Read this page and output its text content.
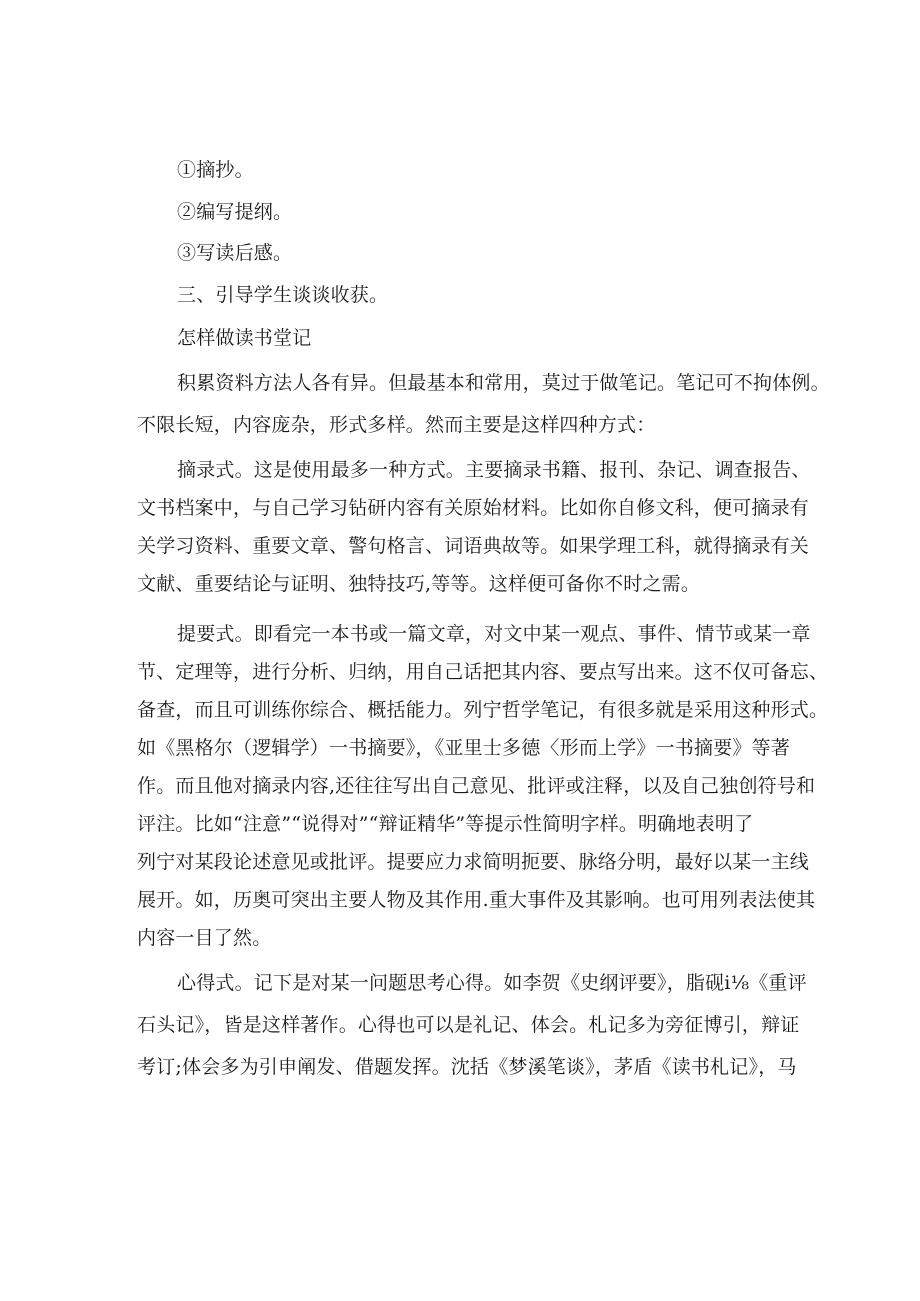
①摘抄。
②编写提纲。
③写读后感。
三、引导学生谈谈收获。
怎样做读书堂记
积累资料方法人各有异。但最基本和常用，莫过于做笔记。笔记可不拘体例。
不限长短，内容庞杂，形式多样。然而主要是这样四种方式：
摘录式。这是使用最多一种方式。主要摘录书籍、报刊、杂记、调查报告、
文书档案中，与自己学习钻研内容有关原始材料。比如你自修文科，便可摘录有
关学习资料、重要文章、警句格言、词语典故等。如果学理工科，就得摘录有关
文献、重要结论与证明、独特技巧,等等。这样便可备你不时之需。
提要式。即看完一本书或一篇文章，对文中某一观点、事件、情节或某一章
节、定理等，进行分析、归纳，用自己话把其内容、要点写出来。这不仅可备忘、
备查，而且可训练你综合、概括能力。列宁哲学笔记，有很多就是采用这种形式。
如《黑格尔（逻辑学）一书摘要》，《亚里士多德〈形而上学》一书摘要》等著
作。而且他对摘录内容,还往往写出自己意见、批评或注释，以及自己独创符号和
评注。比如“注意”“说得对”“辩证精华”等提示性简明字样。明确地表明了
列宁对某段论述意见或批评。提要应力求简明扼要、脉络分明，最好以某一主线
展开。如，历奥可突出主要人物及其作用.重大事件及其影响。也可用列表法使其
内容一目了然。
心得式。记下是对某一问题思考心得。如李贺《史纲评要》，脂砚i⅛《重评
石头记》，皆是这样著作。心得也可以是礼记、体会。札记多为旁征博引，辩证
考订;体会多为引申阐发、借题发挥。沈括《梦溪笔谈》，茅盾《读书札记》，马
